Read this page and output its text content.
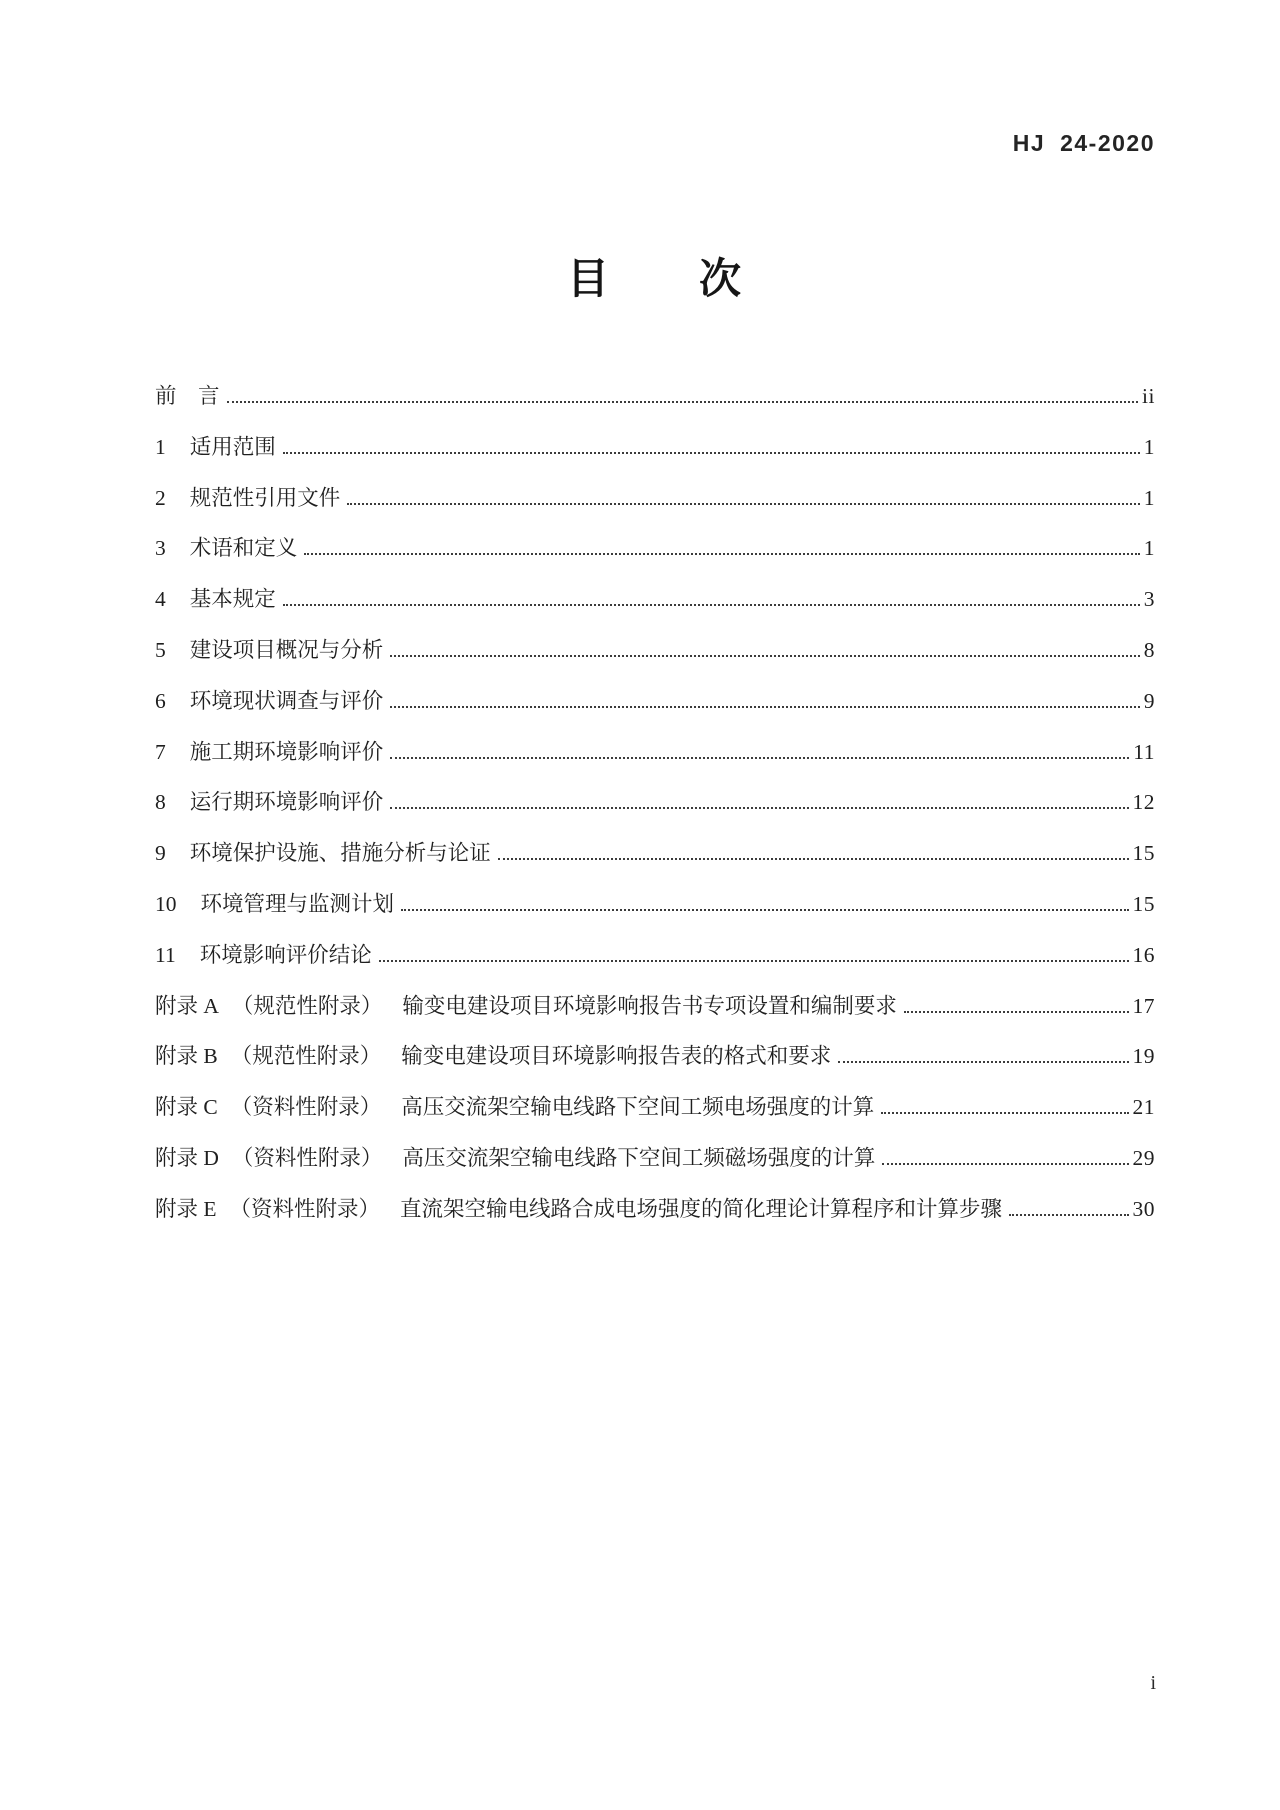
HJ 24-2020
目　　次
前　言	ii
1 适用范围	1
2 规范性引用文件	1
3 术语和定义	1
4 基本规定	3
5 建设项目概况与分析	8
6 环境现状调查与评价	9
7 施工期环境影响评价	11
8 运行期环境影响评价	12
9 环境保护设施、措施分析与论证	15
10 环境管理与监测计划	15
11 环境影响评价结论	16
附录 A （规范性附录） 输变电建设项目环境影响报告书专项设置和编制要求	17
附录 B （规范性附录） 输变电建设项目环境影响报告表的格式和要求	19
附录 C （资料性附录） 高压交流架空输电线路下空间工频电场强度的计算	21
附录 D （资料性附录） 高压交流架空输电线路下空间工频磁场强度的计算	29
附录 E （资料性附录） 直流架空输电线路合成电场强度的简化理论计算程序和计算步骤	30
i
